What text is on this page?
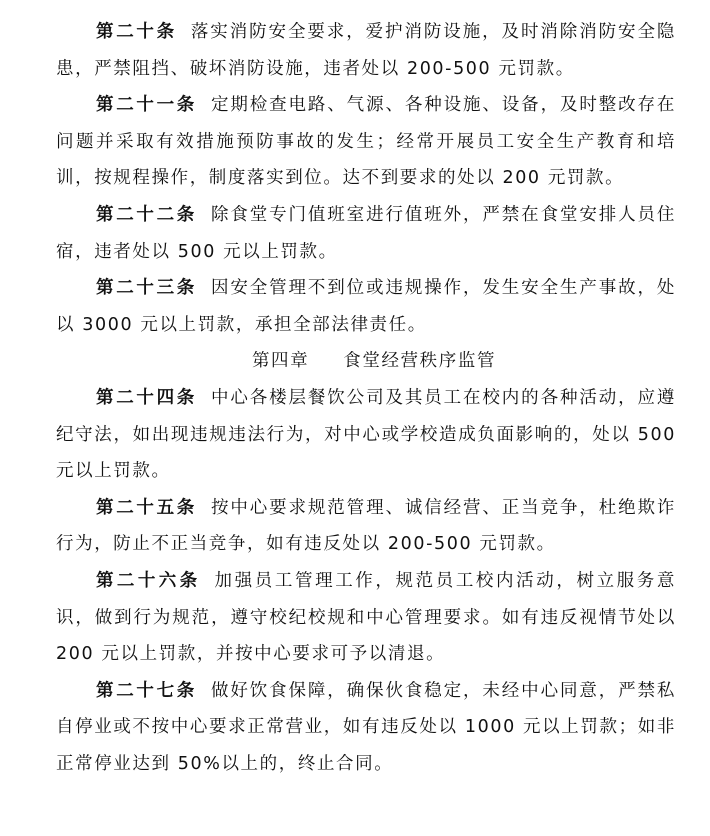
第二十条 落实消防安全要求，爱护消防设施，及时消除消防安全隐患，严禁阻挡、破坏消防设施，违者处以 200-500 元罚款。

第二十一条 定期检查电路、气源、各种设施、设备，及时整改存在问题并采取有效措施预防事故的发生；经常开展员工安全生产教育和培训，按规程操作，制度落实到位。达不到要求的处以 200 元罚款。

第二十二条 除食堂专门值班室进行值班外，严禁在食堂安排人员住宿，违者处以 500 元以上罚款。

第二十三条 因安全管理不到位或违规操作，发生安全生产事故，处以 3000 元以上罚款，承担全部法律责任。

第四章 食堂经营秩序监管

第二十四条 中心各楼层餐饮公司及其员工在校内的各种活动，应遵纪守法，如出现违规违法行为，对中心或学校造成负面影响的，处以 500 元以上罚款。

第二十五条 按中心要求规范管理、诚信经营、正当竞争，杜绝欺诈行为，防止不正当竞争，如有违反处以 200-500 元罚款。

第二十六条 加强员工管理工作，规范员工校内活动，树立服务意识，做到行为规范，遵守校纪校规和中心管理要求。如有违反视情节处以 200 元以上罚款，并按中心要求可予以清退。

第二十七条 做好饮食保障，确保伙食稳定，未经中心同意，严禁私自停业或不按中心要求正常营业，如有违反处以 1000 元以上罚款；如非正常停业达到 50%以上的，终止合同。
